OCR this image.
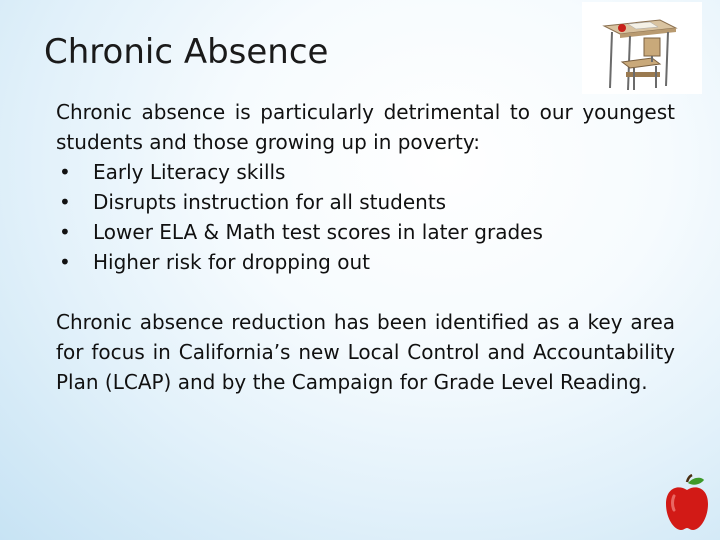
Chronic Absence

Chronic absence is particularly detrimental to our youngest students and those growing up in poverty:

• Early Literacy skills
• Disrupts instruction for all students
• Lower ELA & Math test scores in later grades
• Higher risk for dropping out

Chronic absence reduction has been identified as a key area for focus in California’s new Local Control and Accountability Plan (LCAP) and by the Campaign for Grade Level Reading.
